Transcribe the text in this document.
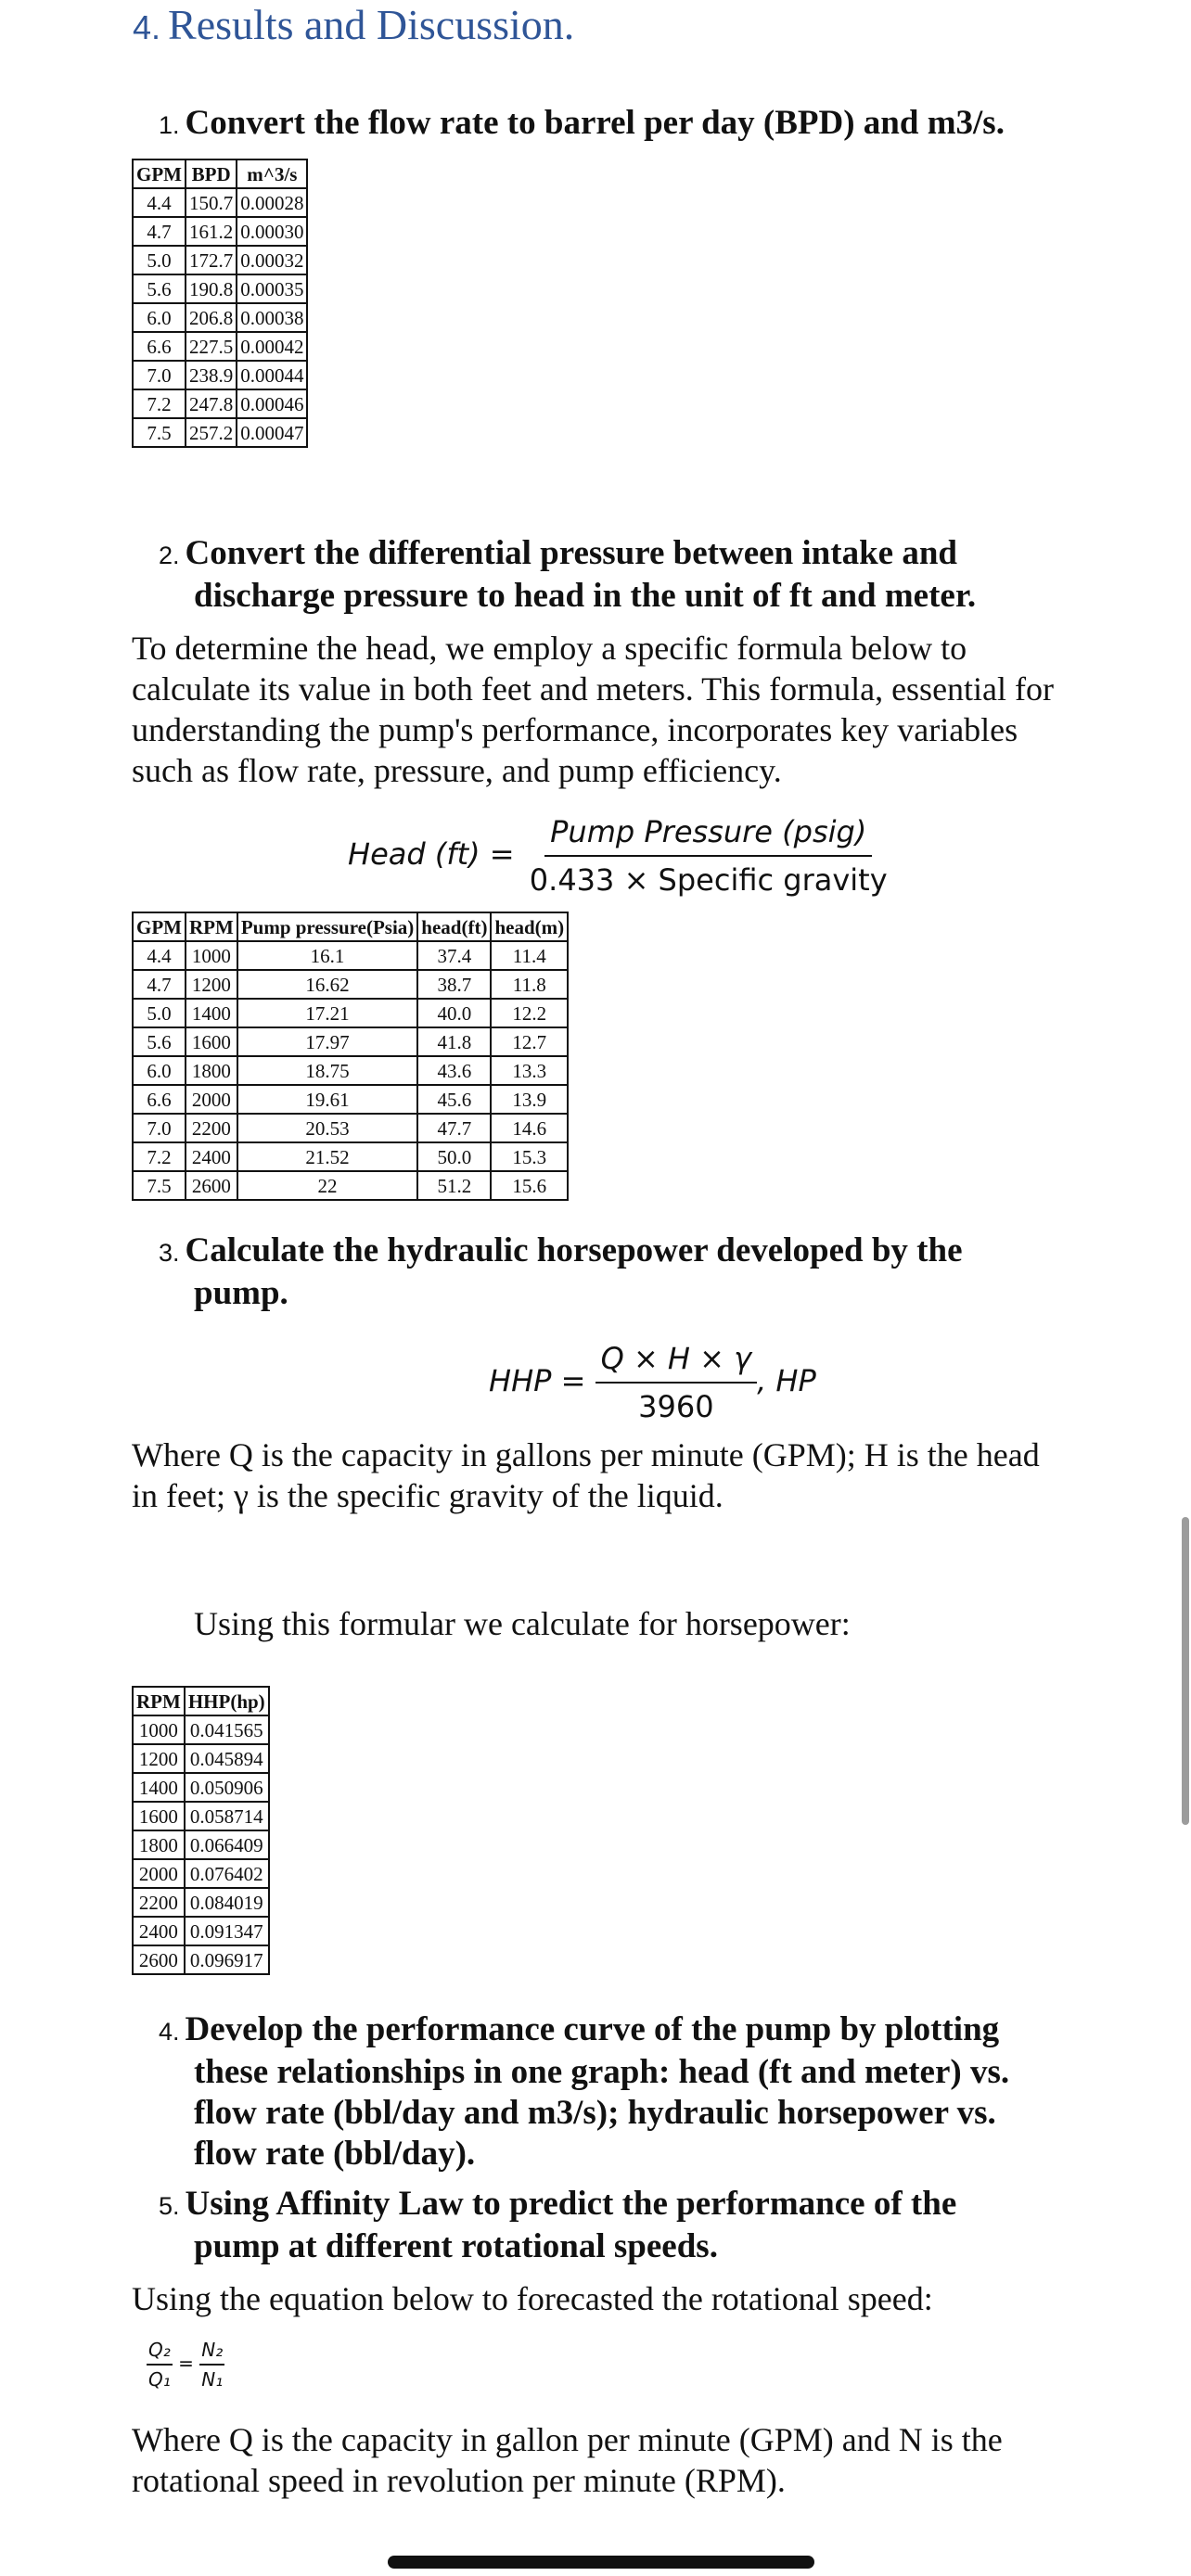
4. Results and Discussion.
1. Convert the flow rate to barrel per day (BPD) and m3/s.
GPM	BPD	m^3/s
4.4	150.7	0.00028
4.7	161.2	0.00030
5.0	172.7	0.00032
5.6	190.8	0.00035
6.0	206.8	0.00038
6.6	227.5	0.00042
7.0	238.9	0.00044
7.2	247.8	0.00046
7.5	257.2	0.00047
2. Convert the differential pressure between intake and
discharge pressure to head in the unit of ft and meter.
To determine the head, we employ a specific formula below to calculate its value in both feet and meters. This formula, essential for understanding the pump's performance, incorporates key variables such as flow rate, pressure, and pump efficiency.
Head $(ft) = \frac{\text{Pump Pressure (psig)}}{\text{0.433 × Specific gravity}}$
GPM	RPM	Pump pressure(Psia)	head(ft)	head(m)
4.4	1000	16.1	37.4	11.4
4.7	1200	16.62	38.7	11.8
5.0	1400	17.21	40.0	12.2
5.6	1600	17.97	41.8	12.7
6.0	1800	18.75	43.6	13.3
6.6	2000	19.61	45.6	13.9
7.0	2200	20.53	47.7	14.6
7.2	2400	21.52	50.0	15.3
7.5	2600	22	51.2	15.6
3. Calculate the hydraulic horsepower developed by the
pump.
HHP = $\frac{Q \times H \times \gamma}{3960}$ , HP
Where Q is the capacity in gallons per minute (GPM); H is the head in feet; γ is the specific gravity of the liquid.
Using this formular we calculate for horsepower:
RPM	HHP(hp)
1000	0.041565
1200	0.045894
1400	0.050906
1600	0.058714
1800	0.066409
2000	0.076402
2200	0.084019
2400	0.091347
2600	0.096917
4. Develop the performance curve of the pump by plotting
these relationships in one graph: head (ft and meter) vs.
flow rate (bbl/day and m3/s); hydraulic horsepower vs.
flow rate (bbl/day).
5. Using Affinity Law to predict the performance of the
pump at different rotational speeds.
Using the equation below to forecasted the rotational speed:
$\frac{\text{Q₂}}{\text{Q₁}} = \frac{\text{N₂}}{\text{N₁}}$
Where Q is the capacity in gallon per minute (GPM) and N is the rotational speed in revolution per minute (RPM).
